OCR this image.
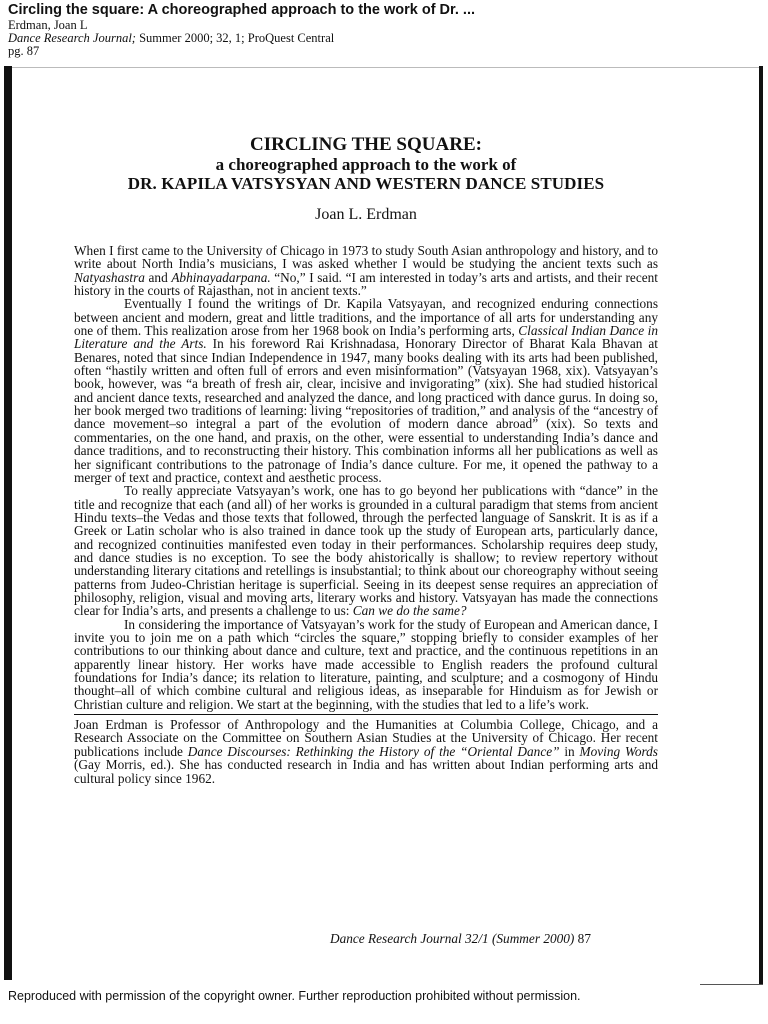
Circling the square: A choreographed approach to the work of Dr. ...
Erdman, Joan L
Dance Research Journal; Summer 2000; 32, 1; ProQuest Central
pg. 87
CIRCLING THE SQUARE:
a choreographed approach to the work of
DR. KAPILA VATSYSYAN AND WESTERN DANCE STUDIES
Joan L. Erdman

When I first came to the University of Chicago in 1973 to study South Asian anthropology and history, and to write about North India’s musicians, I was asked whether I would be studying the ancient texts such as Natyashastra and Abhinayadarpana. “No,” I said. “I am interested in today’s arts and artists, and their recent history in the courts of Rajasthan, not in ancient texts.”

Eventually I found the writings of Dr. Kapila Vatsyayan, and recognized enduring connections between ancient and modern, great and little traditions, and the importance of all arts for understanding any one of them. This realization arose from her 1968 book on India’s performing arts, Classical Indian Dance in Literature and the Arts. In his foreword Rai Krishnadasa, Honorary Director of Bharat Kala Bhavan at Benares, noted that since Indian Independence in 1947, many books dealing with its arts had been published, often “hastily written and often full of errors and even misinformation” (Vatsyayan 1968, xix). Vatsyayan’s book, however, was “a breath of fresh air, clear, incisive and invigorating” (xix). She had studied historical and ancient dance texts, researched and analyzed the dance, and long practiced with dance gurus. In doing so, her book merged two traditions of learning: living “repositories of tradition,” and analysis of the “ancestry of dance movement–so integral a part of the evolution of modern dance abroad” (xix). So texts and commentaries, on the one hand, and praxis, on the other, were essential to understanding India’s dance and dance traditions, and to reconstructing their history. This combination informs all her publications as well as her significant contributions to the patronage of India’s dance culture. For me, it opened the pathway to a merger of text and practice, context and aesthetic process.

To really appreciate Vatsyayan’s work, one has to go beyond her publications with “dance” in the title and recognize that each (and all) of her works is grounded in a cultural paradigm that stems from ancient Hindu texts–the Vedas and those texts that followed, through the perfected language of Sanskrit. It is as if a Greek or Latin scholar who is also trained in dance took up the study of European arts, particularly dance, and recognized continuities manifested even today in their performances. Scholarship requires deep study, and dance studies is no exception. To see the body ahistorically is shallow; to review repertory without understanding literary citations and retellings is insubstantial; to think about our choreography without seeing patterns from Judeo-Christian heritage is superficial. Seeing in its deepest sense requires an appreciation of philosophy, religion, visual and moving arts, literary works and history. Vatsyayan has made the connections clear for India’s arts, and presents a challenge to us: Can we do the same?

In considering the importance of Vatsyayan’s work for the study of European and American dance, I invite you to join me on a path which “circles the square,” stopping briefly to consider examples of her contributions to our thinking about dance and culture, text and practice, and the continuous repetitions in an apparently linear history. Her works have made accessible to English readers the profound cultural foundations for India’s dance; its relation to literature, painting, and sculpture; and a cosmogony of Hindu thought–all of which combine cultural and religious ideas, as inseparable for Hinduism as for Jewish or Christian culture and religion. We start at the beginning, with the studies that led to a life’s work.

Joan Erdman is Professor of Anthropology and the Humanities at Columbia College, Chicago, and a Research Associate on the Committee on Southern Asian Studies at the University of Chicago. Her recent publications include Dance Discourses: Rethinking the History of the “Oriental Dance” in Moving Words (Gay Morris, ed.). She has conducted research in India and has written about Indian performing arts and cultural policy since 1962.

Dance Research Journal 32/1 (Summer 2000) 87
Reproduced with permission of the copyright owner. Further reproduction prohibited without permission.
